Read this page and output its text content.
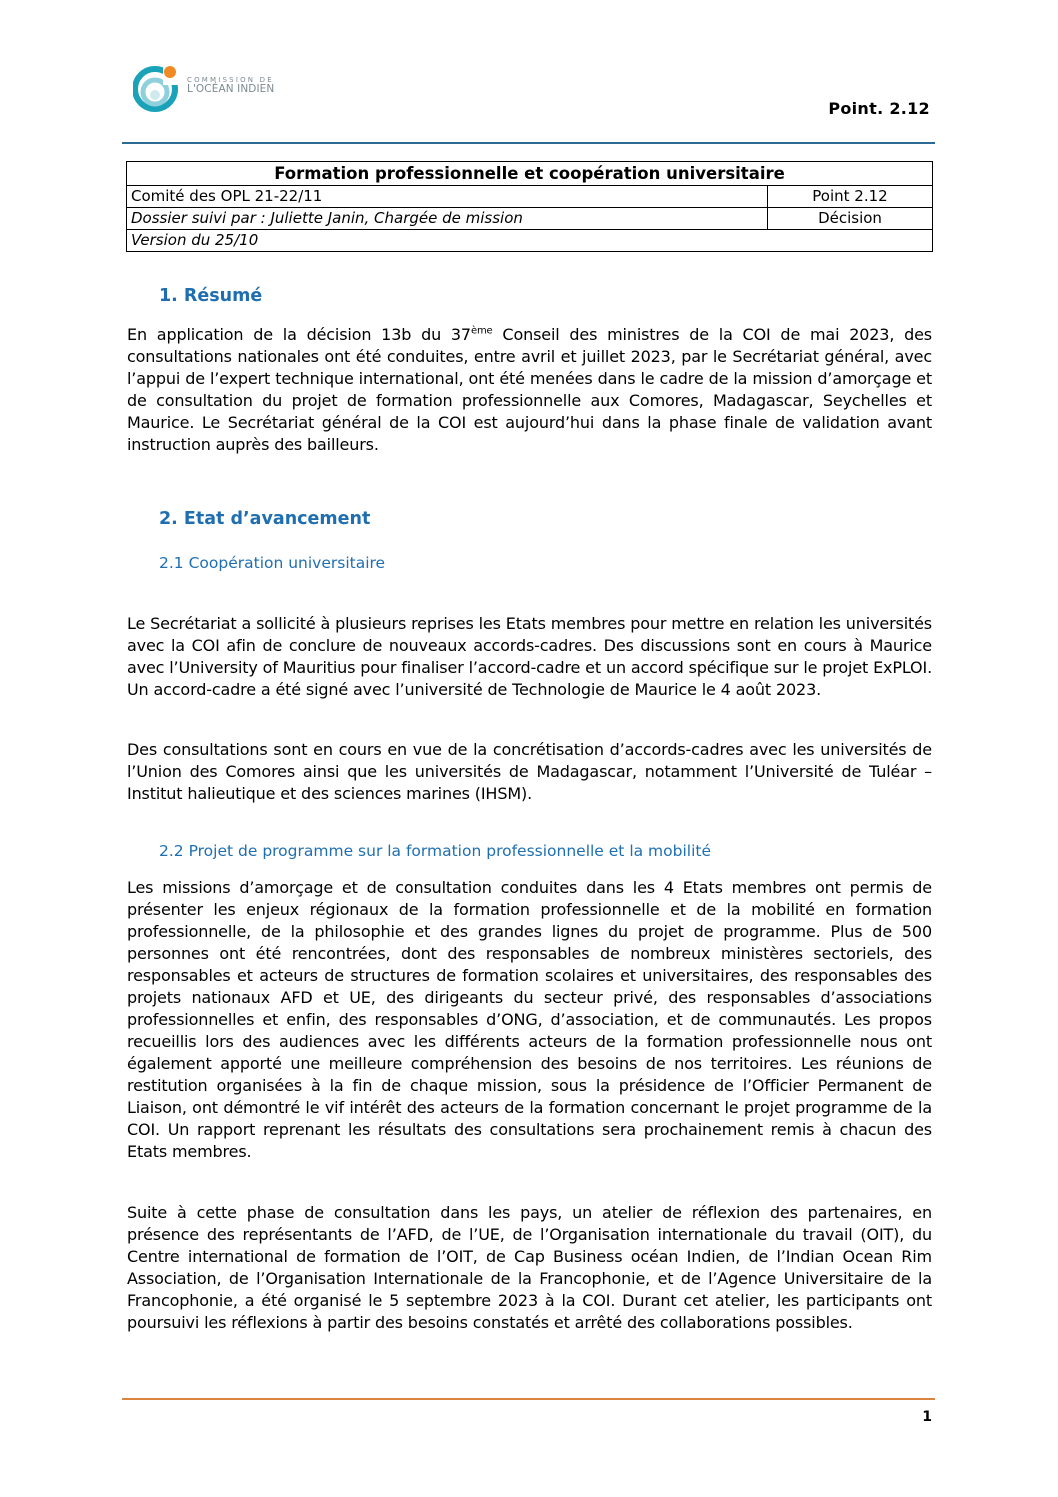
COMMISSION DE
L'OCÉAN INDIEN
Point. 2.12
Formation professionnelle et coopération universitaire	
Comité des OPL 21-22/11	Point 2.12
Dossier suivi par : Juliette Janin, Chargée de mission	Décision
Version du 25/10	
1. Résumé
En application de la décision 13b du 37ème Conseil des ministres de la COI de mai 2023, des consultations nationales ont été conduites, entre avril et juillet 2023, par le Secrétariat général, avec l’appui de l’expert technique international, ont été menées dans le cadre de la mission d’amorçage et de consultation du projet de formation professionnelle aux Comores, Madagascar, Seychelles et Maurice. Le Secrétariat général de la COI est aujourd’hui dans la phase finale de validation avant instruction auprès des bailleurs.
2. Etat d’avancement
2.1 Coopération universitaire
Le Secrétariat a sollicité à plusieurs reprises les Etats membres pour mettre en relation les universités avec la COI afin de conclure de nouveaux accords-cadres. Des discussions sont en cours à Maurice avec l’University of Mauritius pour finaliser l’accord-cadre et un accord spécifique sur le projet ExPLOI. Un accord-cadre a été signé avec l’université de Technologie de Maurice le 4 août 2023.
Des consultations sont en cours en vue de la concrétisation d’accords-cadres avec les universités de l’Union des Comores ainsi que les universités de Madagascar, notamment l’Université de Tuléar – Institut halieutique et des sciences marines (IHSM).
2.2 Projet de programme sur la formation professionnelle et la mobilité
Les missions d’amorçage et de consultation conduites dans les 4 Etats membres ont permis de présenter les enjeux régionaux de la formation professionnelle et de la mobilité en formation professionnelle, de la philosophie et des grandes lignes du projet de programme. Plus de 500 personnes ont été rencontrées, dont des responsables de nombreux ministères sectoriels, des responsables et acteurs de structures de formation scolaires et universitaires, des responsables des projets nationaux AFD et UE, des dirigeants du secteur privé, des responsables d’associations professionnelles et enfin, des responsables d’ONG, d’association, et de communautés. Les propos recueillis lors des audiences avec les différents acteurs de la formation professionnelle nous ont également apporté une meilleure compréhension des besoins de nos territoires. Les réunions de restitution organisées à la fin de chaque mission, sous la présidence de l’Officier Permanent de Liaison, ont démontré le vif intérêt des acteurs de la formation concernant le projet programme de la COI. Un rapport reprenant les résultats des consultations sera prochainement remis à chacun des Etats membres.
Suite à cette phase de consultation dans les pays, un atelier de réflexion des partenaires, en présence des représentants de l’AFD, de l’UE, de l’Organisation internationale du travail (OIT), du Centre international de formation de l’OIT, de Cap Business océan Indien, de l’Indian Ocean Rim Association, de l’Organisation Internationale de la Francophonie, et de l’Agence Universitaire de la Francophonie, a été organisé le 5 septembre 2023 à la COI. Durant cet atelier, les participants ont poursuivi les réflexions à partir des besoins constatés et arrêté des collaborations possibles.
1
